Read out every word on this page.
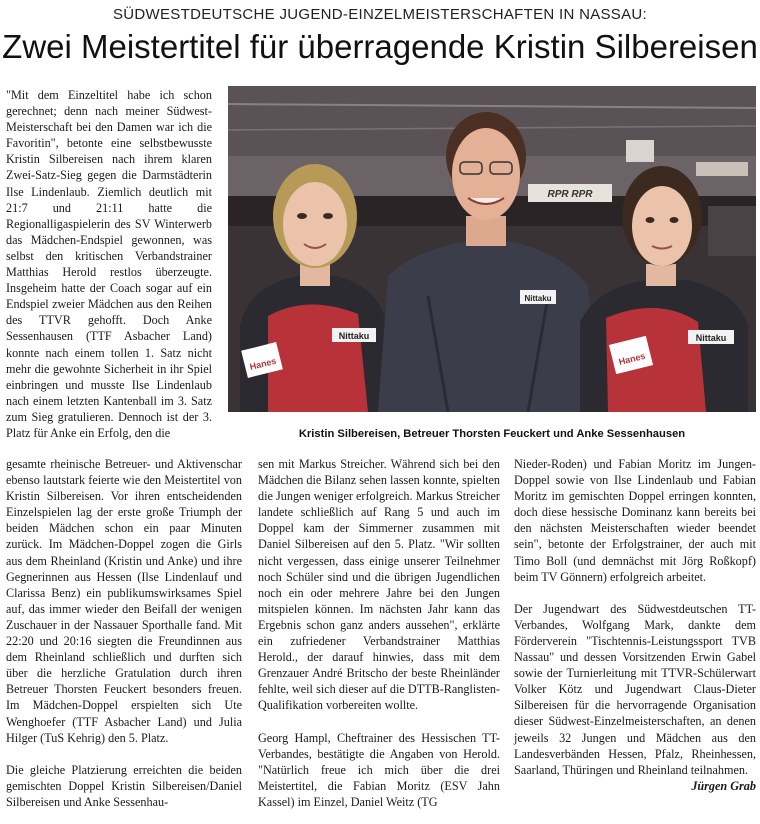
SÜDWESTDEUTSCHE JUGEND-EINZELMEISTERSCHAFTEN IN NASSAU:
Zwei Meistertitel für überragende Kristin Silbereisen

"Mit dem Einzeltitel habe ich schon gerechnet; denn nach meiner Südwest-Meisterschaft bei den Damen war ich die Favoritin", betonte eine selbstbewusste Kristin Silbereisen nach ihrem klaren Zwei-Satz-Sieg gegen die Darmstädterin Ilse Lindenlaub. Ziemlich deutlich mit 21:7 und 21:11 hatte die Regionalligaspielerin des SV Winterwerb das Mädchen-Endspiel gewonnen, was selbst den kritischen Verbandstrainer Matthias Herold restlos überzeugte. Insgeheim hatte der Coach sogar auf ein Endspiel zweier Mädchen aus den Reihen des TTVR gehofft. Doch Anke Sessenhausen (TTF Asbacher Land) konnte nach einem tollen 1. Satz nicht mehr die gewohnte Sicherheit in ihr Spiel einbringen und musste Ilse Lindenlaub nach einem letzten Kantenball im 3. Satz zum Sieg gratulieren. Dennoch ist der 3. Platz für Anke ein Erfolg, den die

RPR RPR
Nittaku
Hanes
Nittaku
Nittaku
Hanes
Kristin Silbereisen, Betreuer Thorsten Feuckert und Anke Sessenhausen

gesamte rheinische Betreuer- und Aktivenschar ebenso lautstark feierte wie den Meistertitel von Kristin Silbereisen. Vor ihren entscheidenden Einzelspielen lag der erste große Triumph der beiden Mädchen schon ein paar Minuten zurück. Im Mädchen-Doppel zogen die Girls aus dem Rheinland (Kristin und Anke) und ihre Gegnerinnen aus Hessen (Ilse Lindenlauf und Clarissa Benz) ein publikumswirksames Spiel auf, das immer wieder den Beifall der wenigen Zuschauer in der Nassauer Sporthalle fand. Mit 22:20 und 20:16 siegten die Freundinnen aus dem Rheinland schließlich und durften sich über die herzliche Gratulation durch ihren Betreuer Thorsten Feuckert besonders freuen. Im Mädchen-Doppel erspielten sich Ute Wenghoefer (TTF Asbacher Land) und Julia Hilger (TuS Kehrig) den 5. Platz.

Die gleiche Platzierung erreichten die beiden gemischten Doppel Kristin Silbereisen/Daniel Silbereisen und Anke Sessenhau-

sen mit Markus Streicher. Während sich bei den Mädchen die Bilanz sehen lassen konnte, spielten die Jungen weniger erfolgreich. Markus Streicher landete schließlich auf Rang 5 und auch im Doppel kam der Simmerner zusammen mit Daniel Silbereisen auf den 5. Platz. "Wir sollten nicht vergessen, dass einige unserer Teilnehmer noch Schüler sind und die übrigen Jugendlichen noch ein oder mehrere Jahre bei den Jungen mitspielen können. Im nächsten Jahr kann das Ergebnis schon ganz anders aussehen", erklärte ein zufriedener Verbandstrainer Matthias Herold., der darauf hinwies, dass mit dem Grenzauer André Britscho der beste Rheinländer fehlte, weil sich dieser auf die DTTB-Ranglisten-Qualifikation vorbereiten wollte.

Georg Hampl, Cheftrainer des Hessischen TT-Verbandes, bestätigte die Angaben von Herold. "Natürlich freue ich mich über die drei Meistertitel, die Fabian Moritz (ESV Jahn Kassel) im Einzel, Daniel Weitz (TG

Nieder-Roden) und Fabian Moritz im Jungen-Doppel sowie von Ilse Lindenlaub und Fabian Moritz im gemischten Doppel erringen konnten, doch diese hessische Dominanz kann bereits bei den nächsten Meisterschaften wieder beendet sein", betonte der Erfolgstrainer, der auch mit Timo Boll (und demnächst mit Jörg Roßkopf) beim TV Gönnern) erfolgreich arbeitet.

Der Jugendwart des Südwestdeutschen TT-Verbandes, Wolfgang Mark, dankte dem Förderverein "Tischtennis-Leistungssport TVB Nassau" und dessen Vorsitzenden Erwin Gabel sowie der Turnierleitung mit TTVR-Schülerwart Volker Kötz und Jugendwart Claus-Dieter Silbereisen für die hervorragende Organisation dieser Südwest-Einzelmeisterschaften, an denen jeweils 32 Jungen und Mädchen aus den Landesverbänden Hessen, Pfalz, Rheinhessen, Saarland, Thüringen und Rheinland teilnahmen.

Jürgen Grab
